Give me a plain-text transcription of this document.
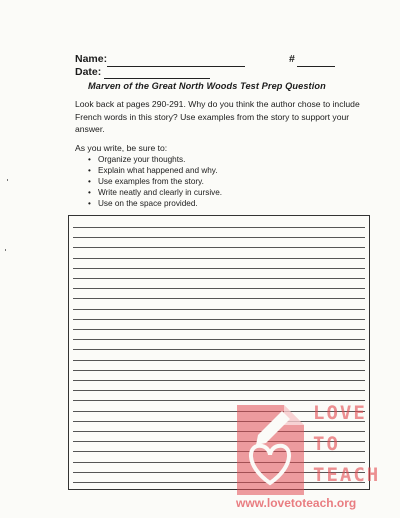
Name:	#
Date:
Marven of the Great North Woods Test Prep Question
Look back at pages 290-291. Why do you think the author chose to include French words in this story? Use examples from the story to support your answer.
As you write, be sure to:
• Organize your thoughts.
• Explain what happened and why.
• Use examples from the story.
• Write neatly and clearly in cursive.
• Use on the space provided.
LOVE
TO
TEACH
www.lovetoteach.org
